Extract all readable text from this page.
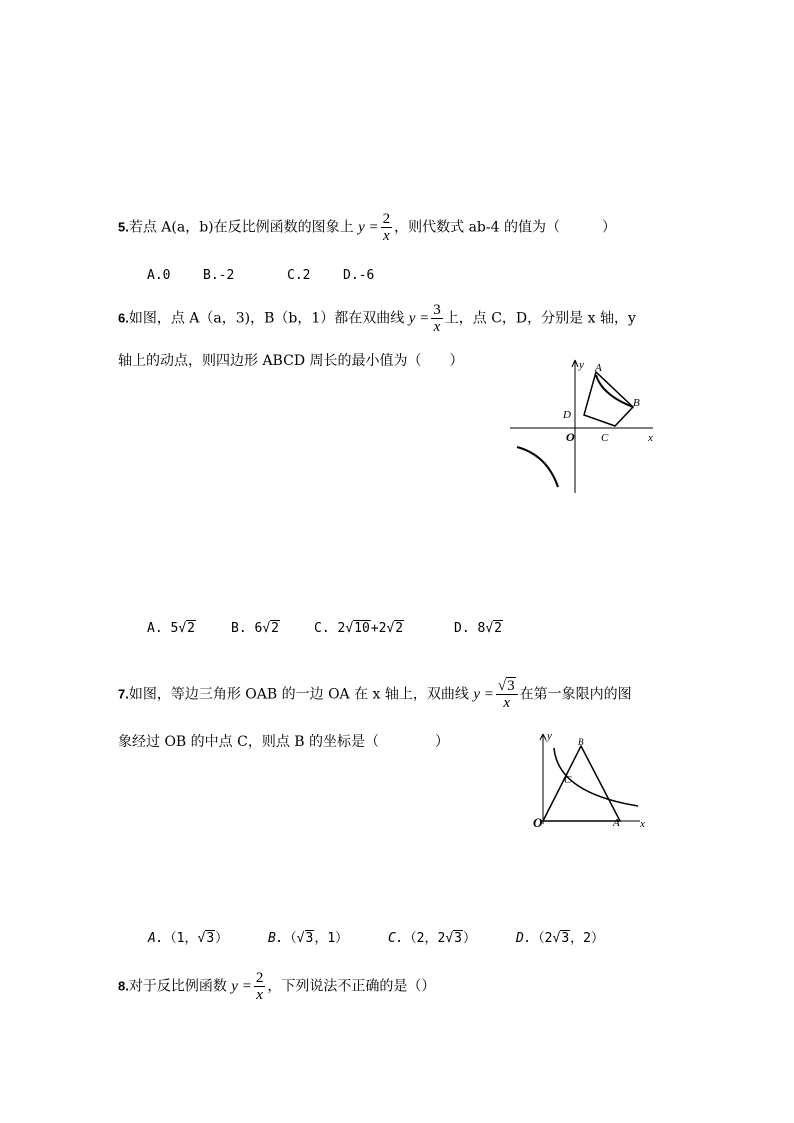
5.若点 A(a，b)在反比例函数的图象上 $y = \frac{2}{x}$ ，则代数式 ab-4 的值为（　　　）
A.0	B.-2	C.2	D.-6
6.如图，点 A（a，3)，B（b，1）都在双曲线 $y = \frac{3}{x}$ 上，点 C，D，分别是 x 轴，y
轴上的动点，则四边形 ABCD 周长的最小值为（　　）	y A
B
D
O C	x
A. 5√2	B. 6√2	C. 2√10+2√2	D. 8√2
7.如图，等边三角形 OAB 的一边 OA 在 x 轴上，双曲线 $y = \frac{√3}{x}$ 在第一象限内的图
象经过 OB 的中点 C，则点 B 的坐标是（　　　　）	y	B
C
O	A x
A.（1，√3）	B.（√3，1）	C.（2，2√3）	D.（2√3，2）
8.对于反比例函数 $y = \frac{2}{x}$ ，下列说法不正确的是（）
